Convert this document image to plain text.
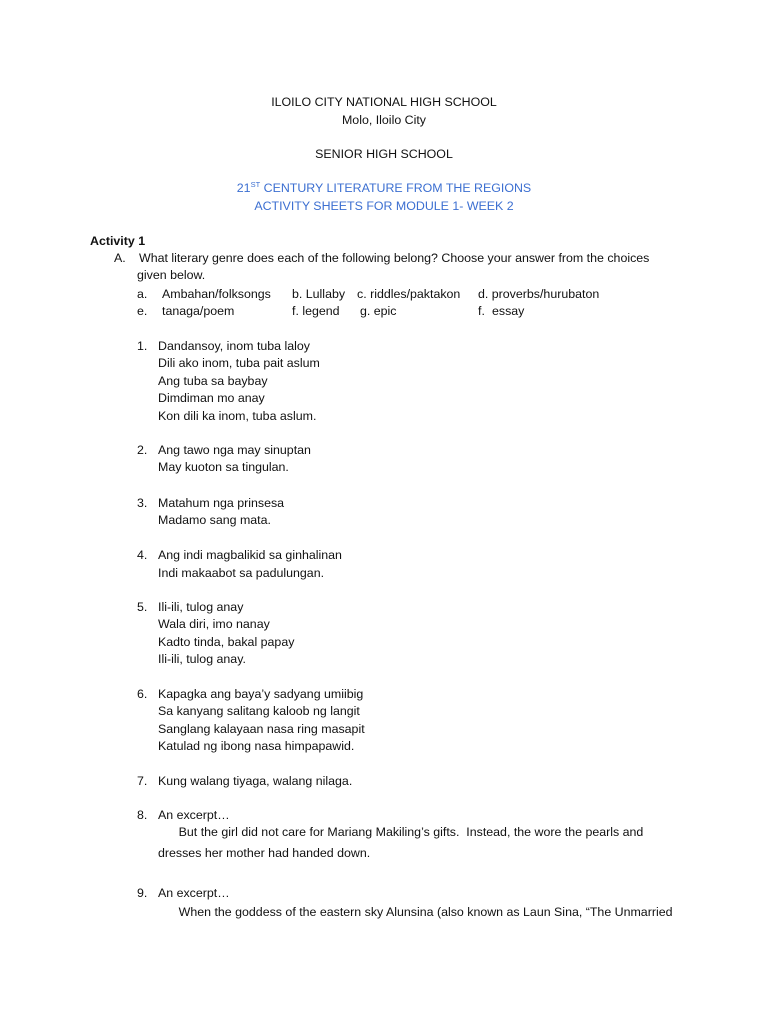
ILOILO CITY NATIONAL HIGH SCHOOL
Molo, Iloilo City
SENIOR HIGH SCHOOL
21ST CENTURY LITERATURE FROM THE REGIONS
ACTIVITY SHEETS FOR MODULE 1- WEEK 2
Activity 1
A. What literary genre does each of the following belong? Choose your answer from the choices
given below.
a. Ambahan/folksongs b. Lullaby c. riddles/paktakon d. proverbs/hurubaton
e. tanaga/poem	f. legend g. epic	f. essay
1. Dandansoy, inom tuba laloy
Dili ako inom, tuba pait aslum
Ang tuba sa baybay
Dimdiman mo anay
Kon dili ka inom, tuba aslum.
2. Ang tawo nga may sinuptan
May kuoton sa tingulan.
3. Matahum nga prinsesa
Madamo sang mata.
4. Ang indi magbalikid sa ginhalinan
Indi makaabot sa padulungan.
5. Ili-ili, tulog anay
Wala diri, imo nanay
Kadto tinda, bakal papay
Ili-ili, tulog anay.
6. Kapagka ang baya’y sadyang umiibig
Sa kanyang salitang kaloob ng langit
Sanglang kalayaan nasa ring masapit
Katulad ng ibong nasa himpapawid.
7. Kung walang tiyaga, walang nilaga.
8. An excerpt…
But the girl did not care for Mariang Makiling’s gifts.  Instead, the wore the pearls and
dresses her mother had handed down.
9. An excerpt…
When the goddess of the eastern sky Alunsina (also known as Laun Sina, “The Unmarried
